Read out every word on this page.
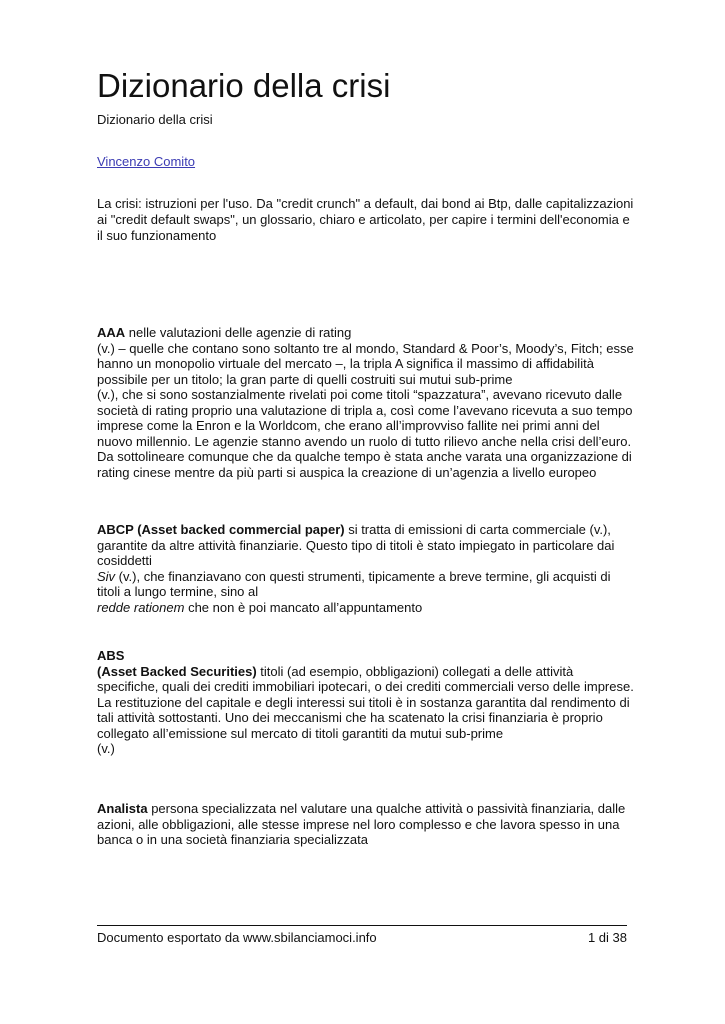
Dizionario della crisi
Dizionario della crisi
Vincenzo Comito
La crisi: istruzioni per l'uso. Da "credit crunch" a default, dai bond ai Btp, dalle capitalizzazioni ai "credit default swaps", un glossario, chiaro e articolato, per capire i termini dell'economia e il suo funzionamento

AAA nelle valutazioni delle agenzie di rating

(v.) – quelle che contano sono soltanto tre al mondo, Standard & Poor’s, Moody’s, Fitch; esse hanno un monopolio virtuale del mercato –, la tripla A significa il massimo di affidabilità possibile per un titolo; la gran parte di quelli costruiti sui mutui sub-prime

(v.), che si sono sostanzialmente rivelati poi come titoli “spazzatura”, avevano ricevuto dalle società di rating proprio una valutazione di tripla a, così come l’avevano ricevuta a suo tempo imprese come la Enron e la Worldcom, che erano all’improvviso fallite nei primi anni del nuovo millennio. Le agenzie stanno avendo un ruolo di tutto rilievo anche nella crisi dell’euro. Da sottolineare comunque che da qualche tempo è stata anche varata una organizzazione di rating cinese mentre da più parti si auspica la creazione di un’agenzia a livello europeo

ABCP (Asset backed commercial paper) si tratta di emissioni di carta commerciale (v.), garantite da altre attività finanziarie. Questo tipo di titoli è stato impiegato in particolare dai cosiddetti

Siv (v.), che finanziavano con questi strumenti, tipicamente a breve termine, gli acquisti di titoli a lungo termine, sino al

redde rationem che non è poi mancato all’appuntamento

ABS

(Asset Backed Securities) titoli (ad esempio, obbligazioni) collegati a delle attività specifiche, quali dei crediti immobiliari ipotecari, o dei crediti commerciali verso delle imprese. La restituzione del capitale e degli interessi sui titoli è in sostanza garantita dal rendimento di tali attività sottostanti. Uno dei meccanismi che ha scatenato la crisi finanziaria è proprio collegato all’emissione sul mercato di titoli garantiti da mutui sub-prime

(v.)

Analista persona specializzata nel valutare una qualche attività o passività finanziaria, dalle azioni, alle obbligazioni, alle stesse imprese nel loro complesso e che lavora spesso in una banca o in una società finanziaria specializzata

Documento esportato da www.sbilanciamoci.info	1 di 38
